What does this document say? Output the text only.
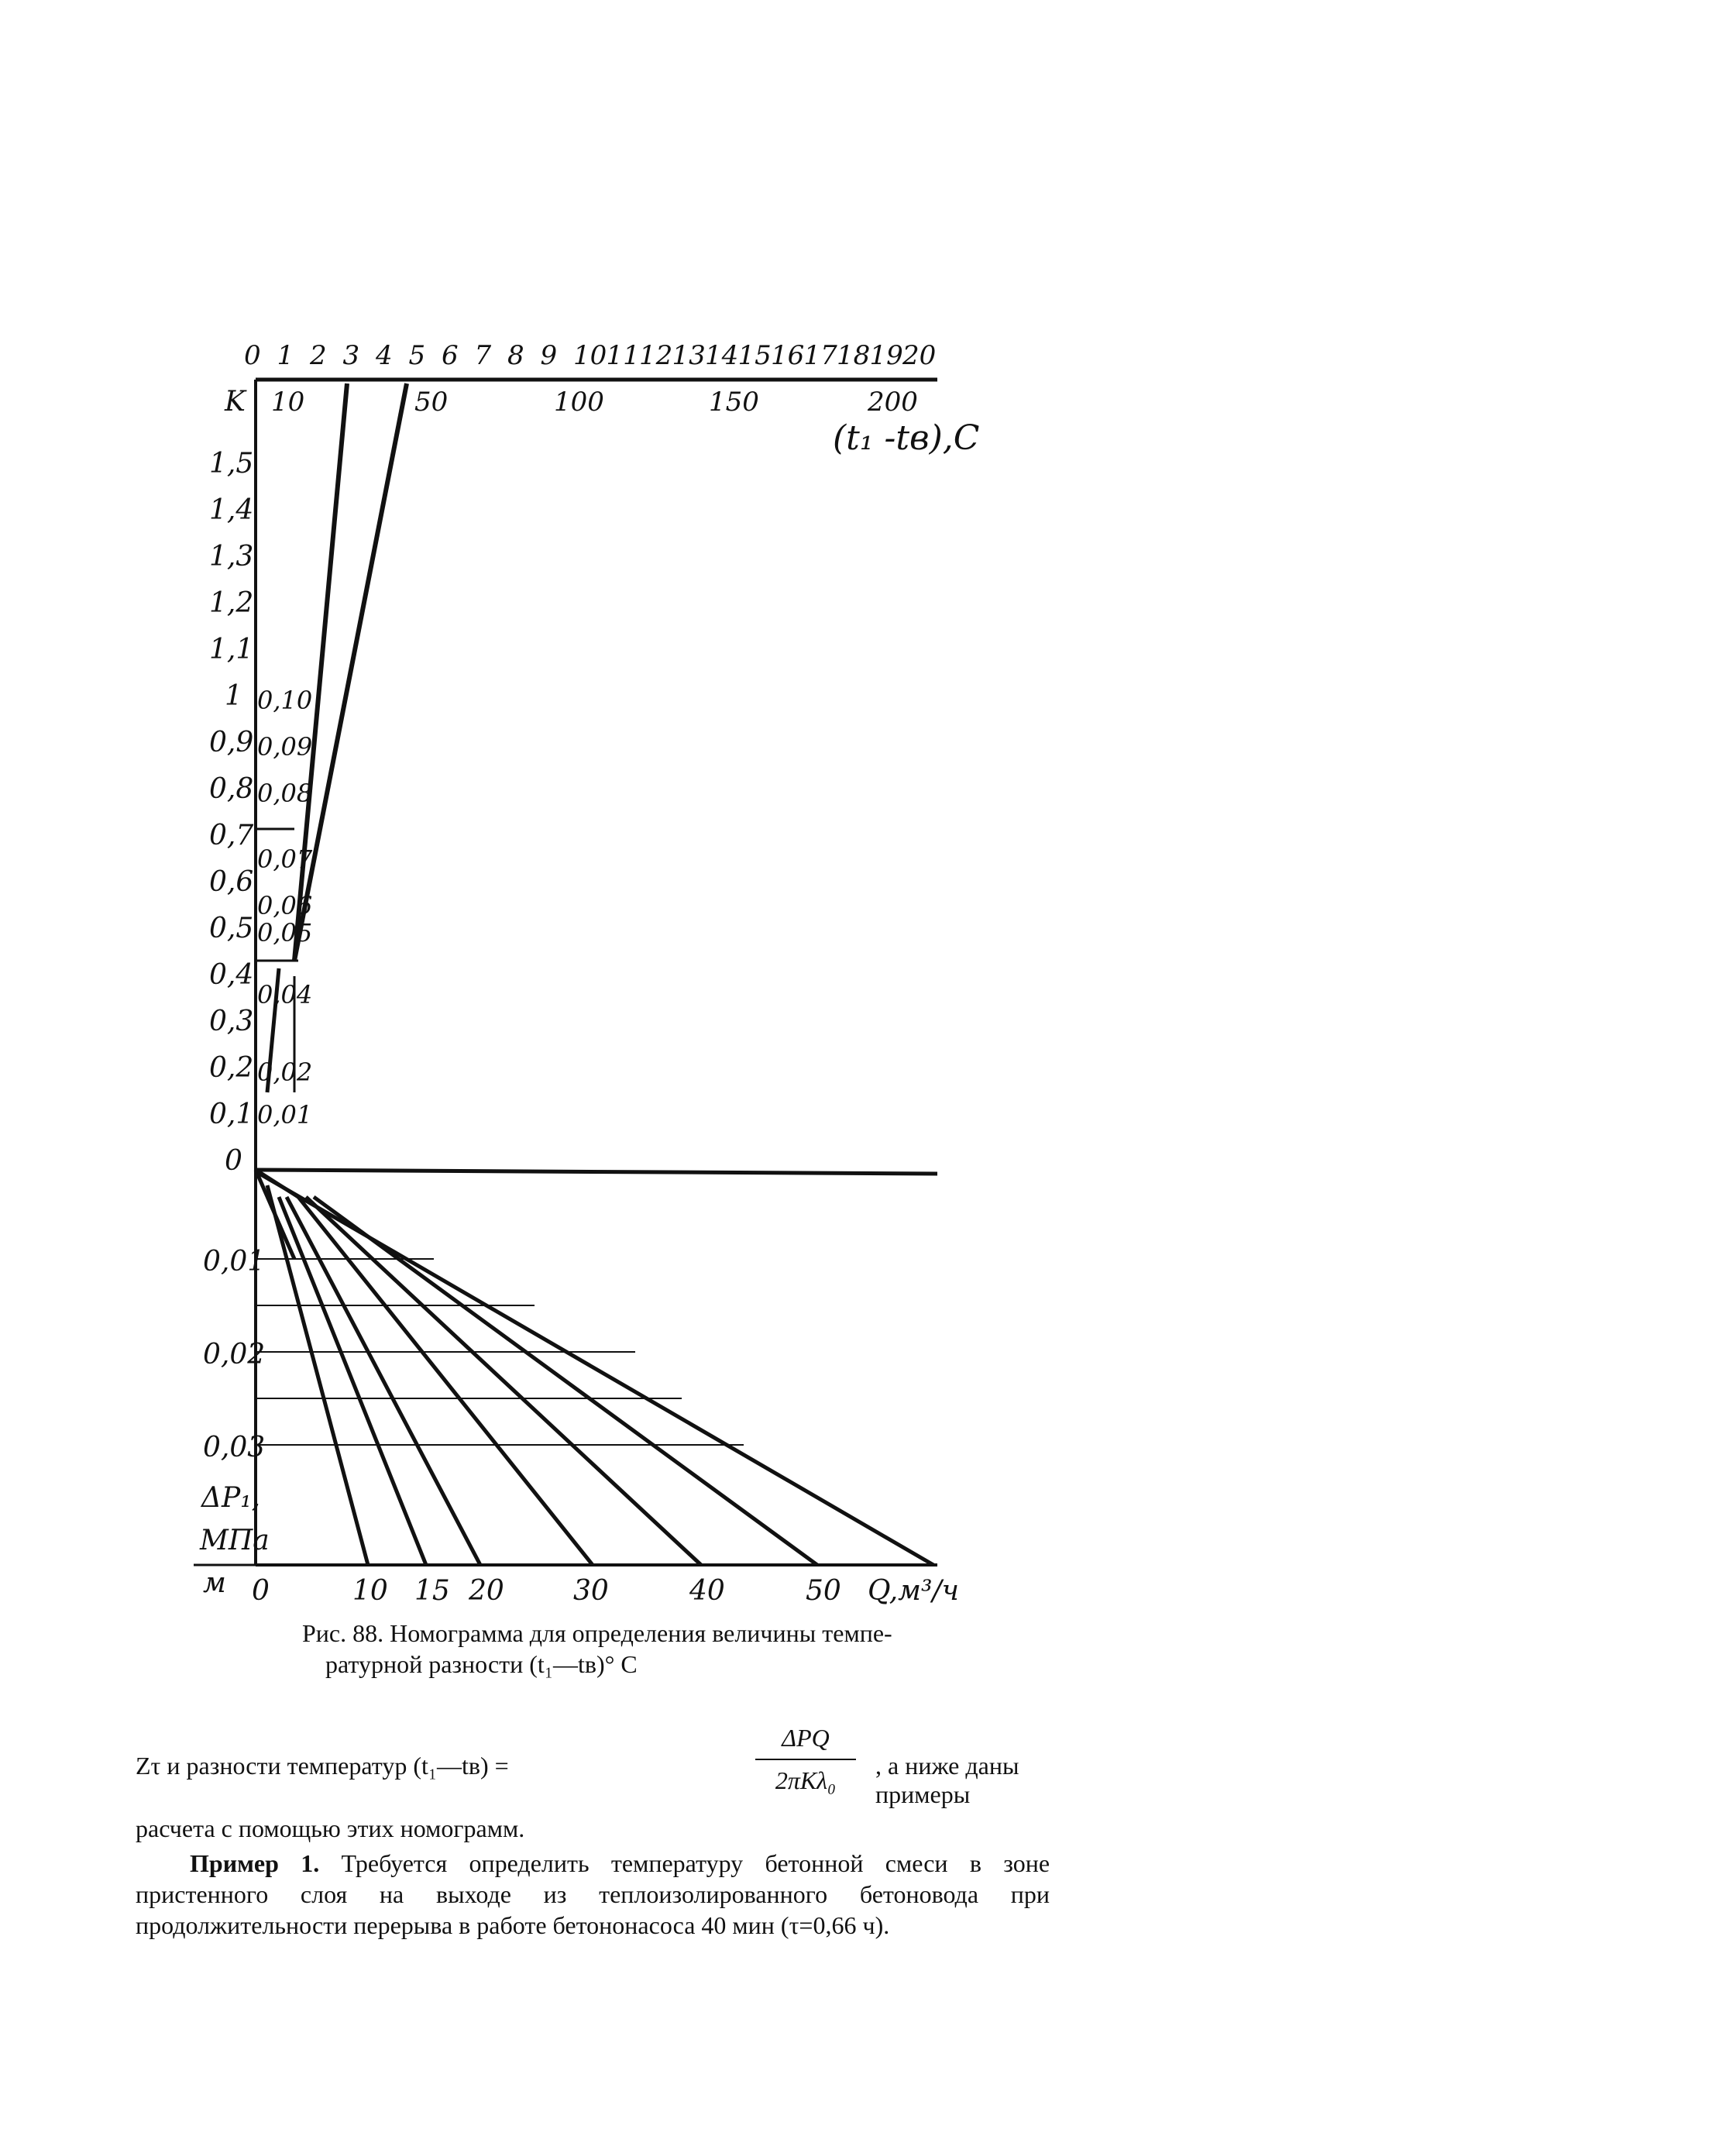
0 1 2 3 4 5 6 7 8 9 10 11 12 13 14 15 16 17 18 19 20
10	50	100	150	200
1,5
1,4
1,3
1,2
1,1
1
0,9
0,8
0,7
0,6
0,5
0,4
0,3
0,2
0,1
0
0,10
0,09
0,08
0,07
0,06
0,05
0,04
0,02
0,01
0,01
0,02
0,03
0	10 15 20 30	40	50
K
(t₁ -tв),C
Q,м³/ч
ΔP₁,
МПа
м
Рис. 88. Номограмма для определения величины темпе-
ратурной разности (t₁—tв)° C
Zτ и разности температур (t₁—tв) =
ΔPQ
2πKλ₀
, а ниже даны примеры
расчета с помощью этих номограмм.
Пример 1. Требуется определить температуру бетонной смеси в зоне пристенного слоя на выходе из теплоизолированного бетоновода при продолжительности перерыва в работе бетононасоса 40 мин (τ=0,66 ч).
